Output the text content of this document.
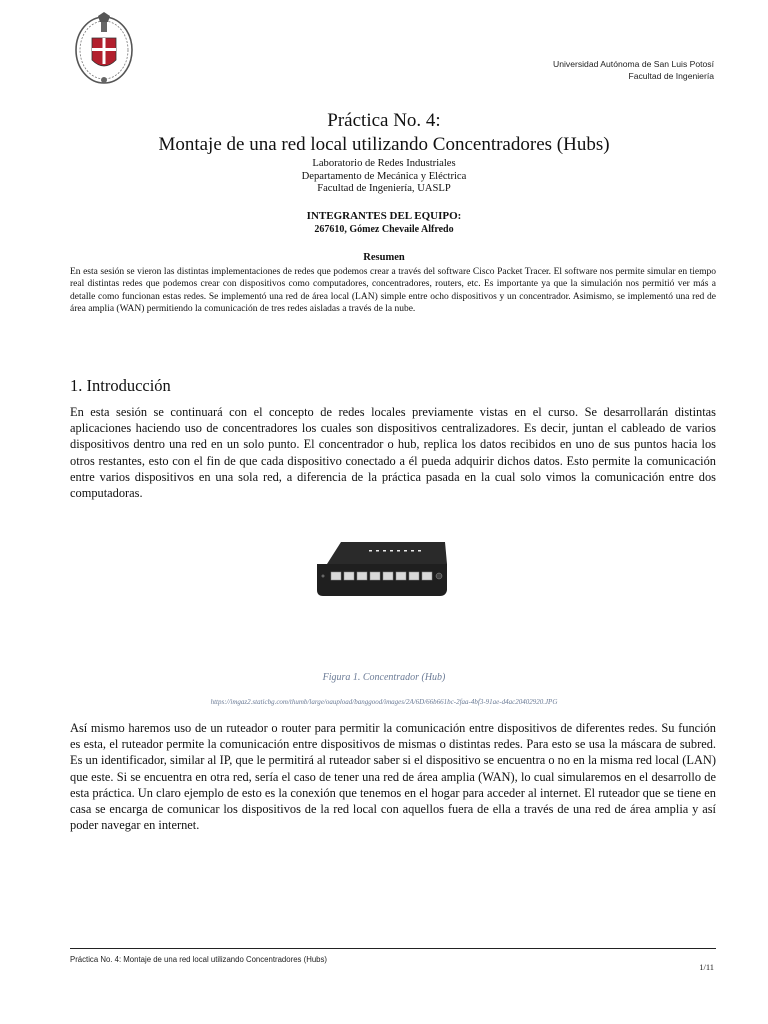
Universidad Autónoma de San Luis Potosí
Facultad de Ingeniería
Práctica No. 4:
Montaje de una red local utilizando Concentradores (Hubs)
Laboratorio de Redes Industriales
Departamento de Mecánica y Eléctrica
Facultad de Ingeniería, UASLP
INTEGRANTES DEL EQUIPO:
267610, Gómez Chevaile Alfredo
Resumen
En esta sesión se vieron las distintas implementaciones de redes que podemos crear a través del software Cisco Packet Tracer. El software nos permite simular en tiempo real distintas redes que podemos crear con dispositivos como computadores, concentradores, routers, etc. Es importante ya que la simulación nos permitió ver más a detalle como funcionan estas redes. Se implementó una red de área local (LAN) simple entre ocho dispositivos y un concentrador. Asimismo, se implementó una red de área amplia (WAN) permitiendo la comunicación de tres redes aisladas a través de la nube.
1. Introducción
En esta sesión se continuará con el concepto de redes locales previamente vistas en el curso. Se desarrollarán distintas aplicaciones haciendo uso de concentradores los cuales son dispositivos centralizadores. Es decir, juntan el cableado de varios dispositivos dentro una red en un solo punto. El concentrador o hub, replica los datos recibidos en uno de sus puntos hacia los otros restantes, esto con el fin de que cada dispositivo conectado a él pueda adquirir dichos datos. Esto permite la comunicación entre varios dispositivos en una sola red, a diferencia de la práctica pasada en la cual solo vimos la comunicación entre dos computadoras.
Figura 1. Concentrador (Hub)
https://imgaz2.staticbg.com/thumb/large/oaupload/banggood/images/2A/6D/66b661bc-2faa-4bf3-91ae-d4ac20402920.JPG
Así mismo haremos uso de un ruteador o router para permitir la comunicación entre dispositivos de diferentes redes. Su función es esta, el ruteador permite la comunicación entre dispositivos de mismas o distintas redes. Para esto se usa la máscara de subred. Es un identificador, similar al IP, que le permitirá al ruteador saber si el dispositivo se encuentra o no en la misma red local (LAN) que este. Si se encuentra en otra red, sería el caso de tener una red de área amplia (WAN), lo cual simularemos en el desarrollo de esta práctica. Un claro ejemplo de esto es la conexión que tenemos en el hogar para acceder al internet. El ruteador que se tiene en casa se encarga de comunicar los dispositivos de la red local con aquellos fuera de ella a través de una red de área amplia y así poder navegar en internet.
Práctica No. 4: Montaje de una red local utilizando Concentradores (Hubs)
1/11
